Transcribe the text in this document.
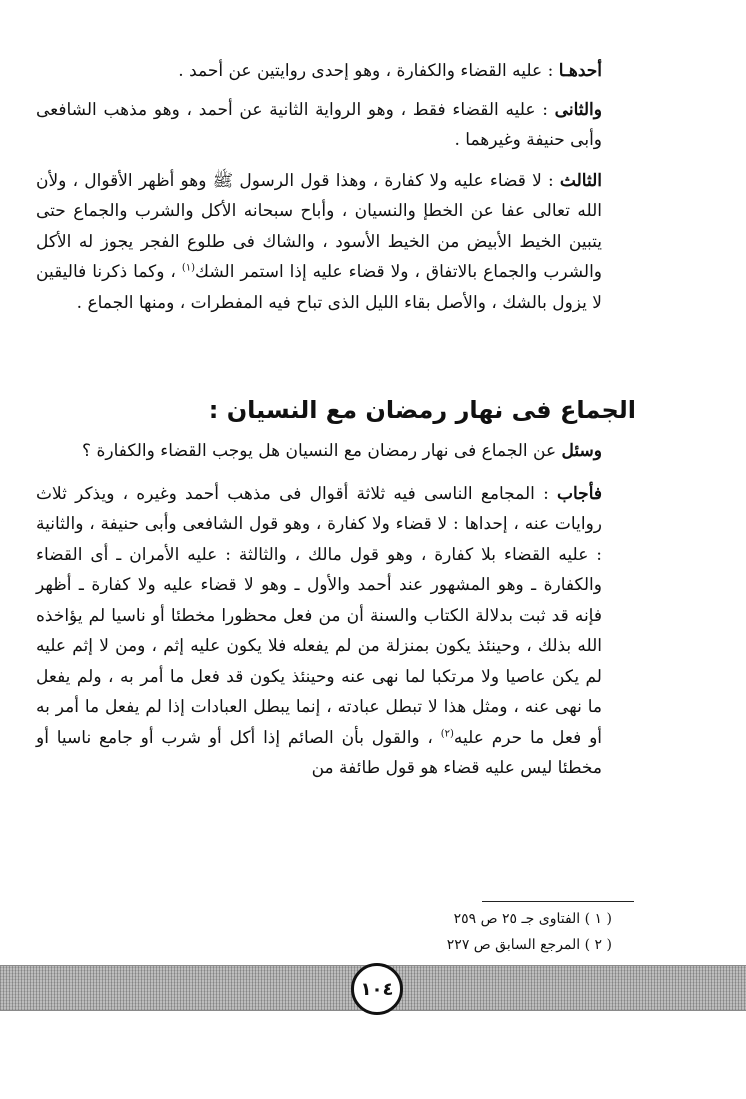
أحدهـا : عليه القضاء والكفارة ، وهو إحدى روايتين عن أحمد .

والثانى : عليه القضاء فقط ، وهو الرواية الثانية عن أحمد ، وهو مذهب الشافعى وأبى حنيفة وغيرهما .

الثالث : لا قضاء عليه ولا كفارة ، وهذا قول الرسول ﷺ وهو أظهر الأقوال ، ولأن الله تعالى عفا عن الخطإ والنسيان ، وأباح سبحانه الأكل والشرب والجماع حتى يتبين الخيط الأبيض من الخيط الأسود ، والشاك فى طلوع الفجر يجوز له الأكل والشرب والجماع بالاتفاق ، ولا قضاء عليه إذا استمر الشك$^{(١)}$ ، وكما ذكرنا فاليقين لا يزول بالشك ، والأصل بقاء الليل الذى تباح فيه المفطرات ، ومنها الجماع .

الجماع فى نهار رمضان مع النسيان :

وسئل عن الجماع فى نهار رمضان مع النسيان هل يوجب القضاء والكفارة ؟

فأجاب : المجامع الناسى فيه ثلاثة أقوال فى مذهب أحمد وغيره ، ويذكر ثلاث روايات عنه ، إحداها : لا قضاء ولا كفارة ، وهو قول الشافعى وأبى حنيفة ، والثانية : عليه القضاء بلا كفارة ، وهو قول مالك ، والثالثة : عليه الأمران ـ أى القضاء والكفارة ـ وهو المشهور عند أحمد والأول ـ وهو لا قضاء عليه ولا كفارة ـ أظهر فإنه قد ثبت بدلالة الكتاب والسنة أن من فعل محظورا مخطئا أو ناسيا لم يؤاخذه الله بذلك ، وحينئذ يكون بمنزلة من لم يفعله فلا يكون عليه إثم ، ومن لا إثم عليه لم يكن عاصيا ولا مرتكبا لما نهى عنه وحينئذ يكون قد فعل ما أمر به ، ولم يفعل ما نهى عنه ، ومثل هذا لا تبطل عبادته ، إنما يبطل العبادات إذا لم يفعل ما أمر به أو فعل ما حرم عليه$^{(٢)}$ ، والقول بأن الصائم إذا أكل أو شرب أو جامع ناسيا أو مخطئا ليس عليه قضاء هو قول طائفة من

( ١ ) الفتاوى جـ ٢٥ ص ٢٥٩
( ٢ ) المرجع السابق ص ٢٢٧
١٠٤
